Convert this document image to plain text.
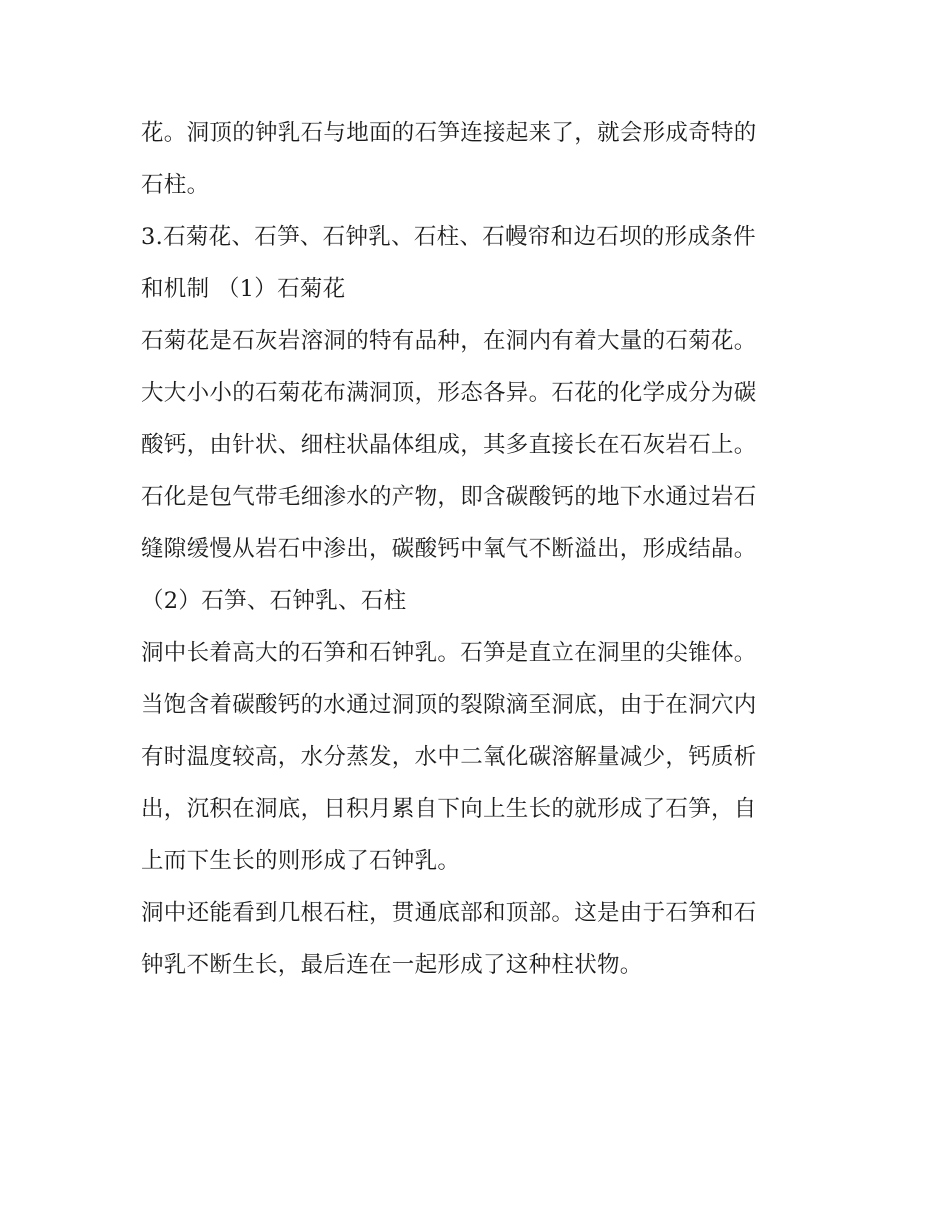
花。洞顶的钟乳石与地面的石笋连接起来了，就会形成奇特的
石柱。
3.石菊花、石笋、石钟乳、石柱、石幔帘和边石坝的形成条件
和机制 （1）石菊花
石菊花是石灰岩溶洞的特有品种，在洞内有着大量的石菊花。
大大小小的石菊花布满洞顶，形态各异。石花的化学成分为碳
酸钙，由针状、细柱状晶体组成，其多直接长在石灰岩石上。
石化是包气带毛细渗水的产物，即含碳酸钙的地下水通过岩石
缝隙缓慢从岩石中渗出，碳酸钙中氧气不断溢出，形成结晶。
（2）石笋、石钟乳、石柱
洞中长着高大的石笋和石钟乳。石笋是直立在洞里的尖锥体。
当饱含着碳酸钙的水通过洞顶的裂隙滴至洞底，由于在洞穴内
有时温度较高，水分蒸发，水中二氧化碳溶解量减少，钙质析
出，沉积在洞底，日积月累自下向上生长的就形成了石笋，自
上而下生长的则形成了石钟乳。
洞中还能看到几根石柱，贯通底部和顶部。这是由于石笋和石
钟乳不断生长，最后连在一起形成了这种柱状物。
